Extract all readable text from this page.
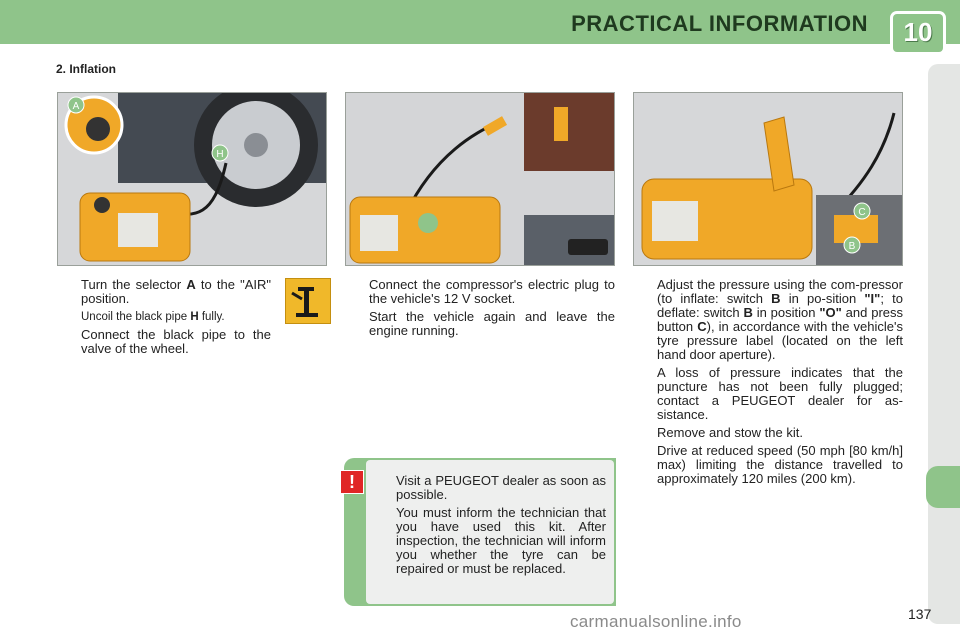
PRACTICAL INFORMATION	10
2. Inflation
A
H
C
B
Turn the selector A to the "AIR" position.
Uncoil the black pipe H fully.
Connect the black pipe to the valve of the wheel.
Connect the compressor's electric plug to the vehicle's 12 V socket.
Start the vehicle again and leave the engine running.
Adjust the pressure using the com-pressor (to inflate: switch B in po-sition "I"; to deflate: switch B in position "O" and press button C), in accordance with the vehicle's tyre pressure label (located on the left hand door aperture).
A loss of pressure indicates that the puncture has not been fully plugged; contact a PEUGEOT dealer for as-sistance.
Remove and stow the kit.
Drive at reduced speed (50 mph [80 km/h] max) limiting the distance travelled to approximately 120 miles (200 km).
!	Visit a PEUGEOT dealer as soon as possible.
You must inform the technician that you have used this kit. After inspection, the technician will inform you whether the tyre can be repaired or must be replaced.
137
carmanualsonline.info
